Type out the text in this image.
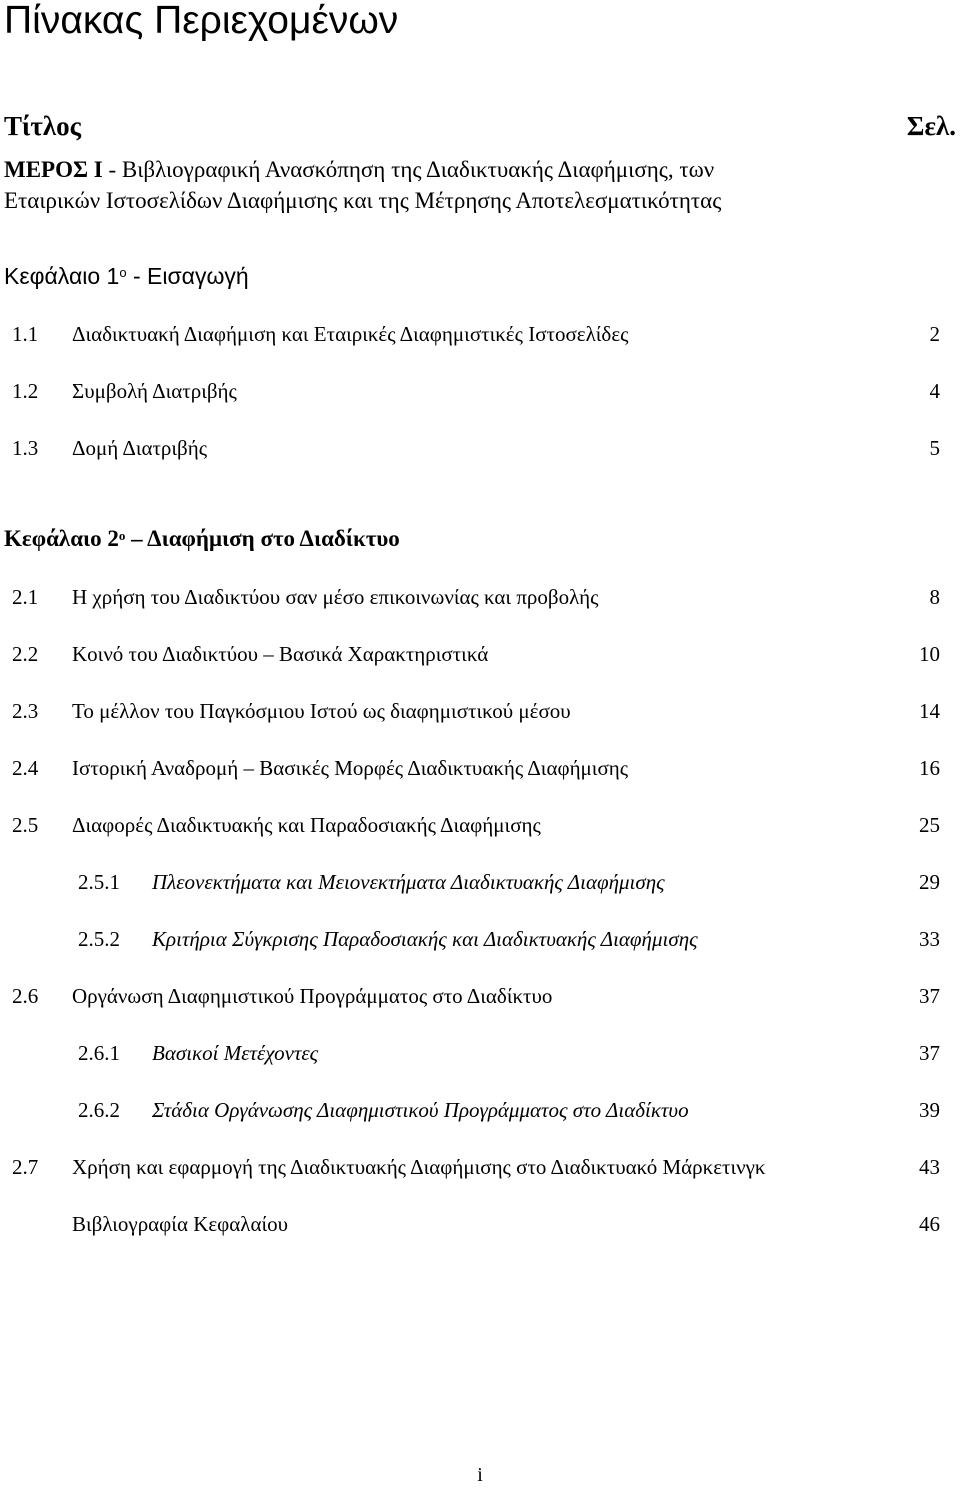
Πίνακας Περιεχομένων
Τίτλος	Σελ.
ΜΕΡΟΣ Ι - Βιβλιογραφική Ανασκόπηση της Διαδικτυακής Διαφήμισης, των
Εταιρικών Ιστοσελίδων Διαφήμισης και της Μέτρησης Αποτελεσματικότητας
Κεφάλαιο $1^o$ - Εισαγωγή
1.1 Διαδικτυακή Διαφήμιση και Εταιρικές Διαφημιστικές Ιστοσελίδες	2
1.2 Συμβολή Διατριβής	4
1.3 Δομή Διατριβής	5
Κεφάλαιο $2^o$ – Διαφήμιση στο Διαδίκτυο
2.1 Η χρήση του Διαδικτύου σαν μέσο επικοινωνίας και προβολής	8
2.2 Κοινό του Διαδικτύου – Βασικά Χαρακτηριστικά	10
2.3 Το μέλλον του Παγκόσμιου Ιστού ως διαφημιστικού μέσου	14
2.4 Ιστορική Αναδρομή – Βασικές Μορφές Διαδικτυακής Διαφήμισης	16
2.5 Διαφορές Διαδικτυακής και Παραδοσιακής Διαφήμισης	25
2.5.1 Πλεονεκτήματα και Μειονεκτήματα Διαδικτυακής Διαφήμισης	29
2.5.2 Κριτήρια Σύγκρισης Παραδοσιακής και Διαδικτυακής Διαφήμισης	33
2.6 Οργάνωση Διαφημιστικού Προγράμματος στο Διαδίκτυο	37
2.6.1 Βασικοί Μετέχοντες	37
2.6.2 Στάδια Οργάνωσης Διαφημιστικού Προγράμματος στο Διαδίκτυο	39
2.7 Χρήση και εφαρμογή της Διαδικτυακής Διαφήμισης στο Διαδικτυακό Μάρκετινγκ	43
Βιβλιογραφία Κεφαλαίου	46
i
